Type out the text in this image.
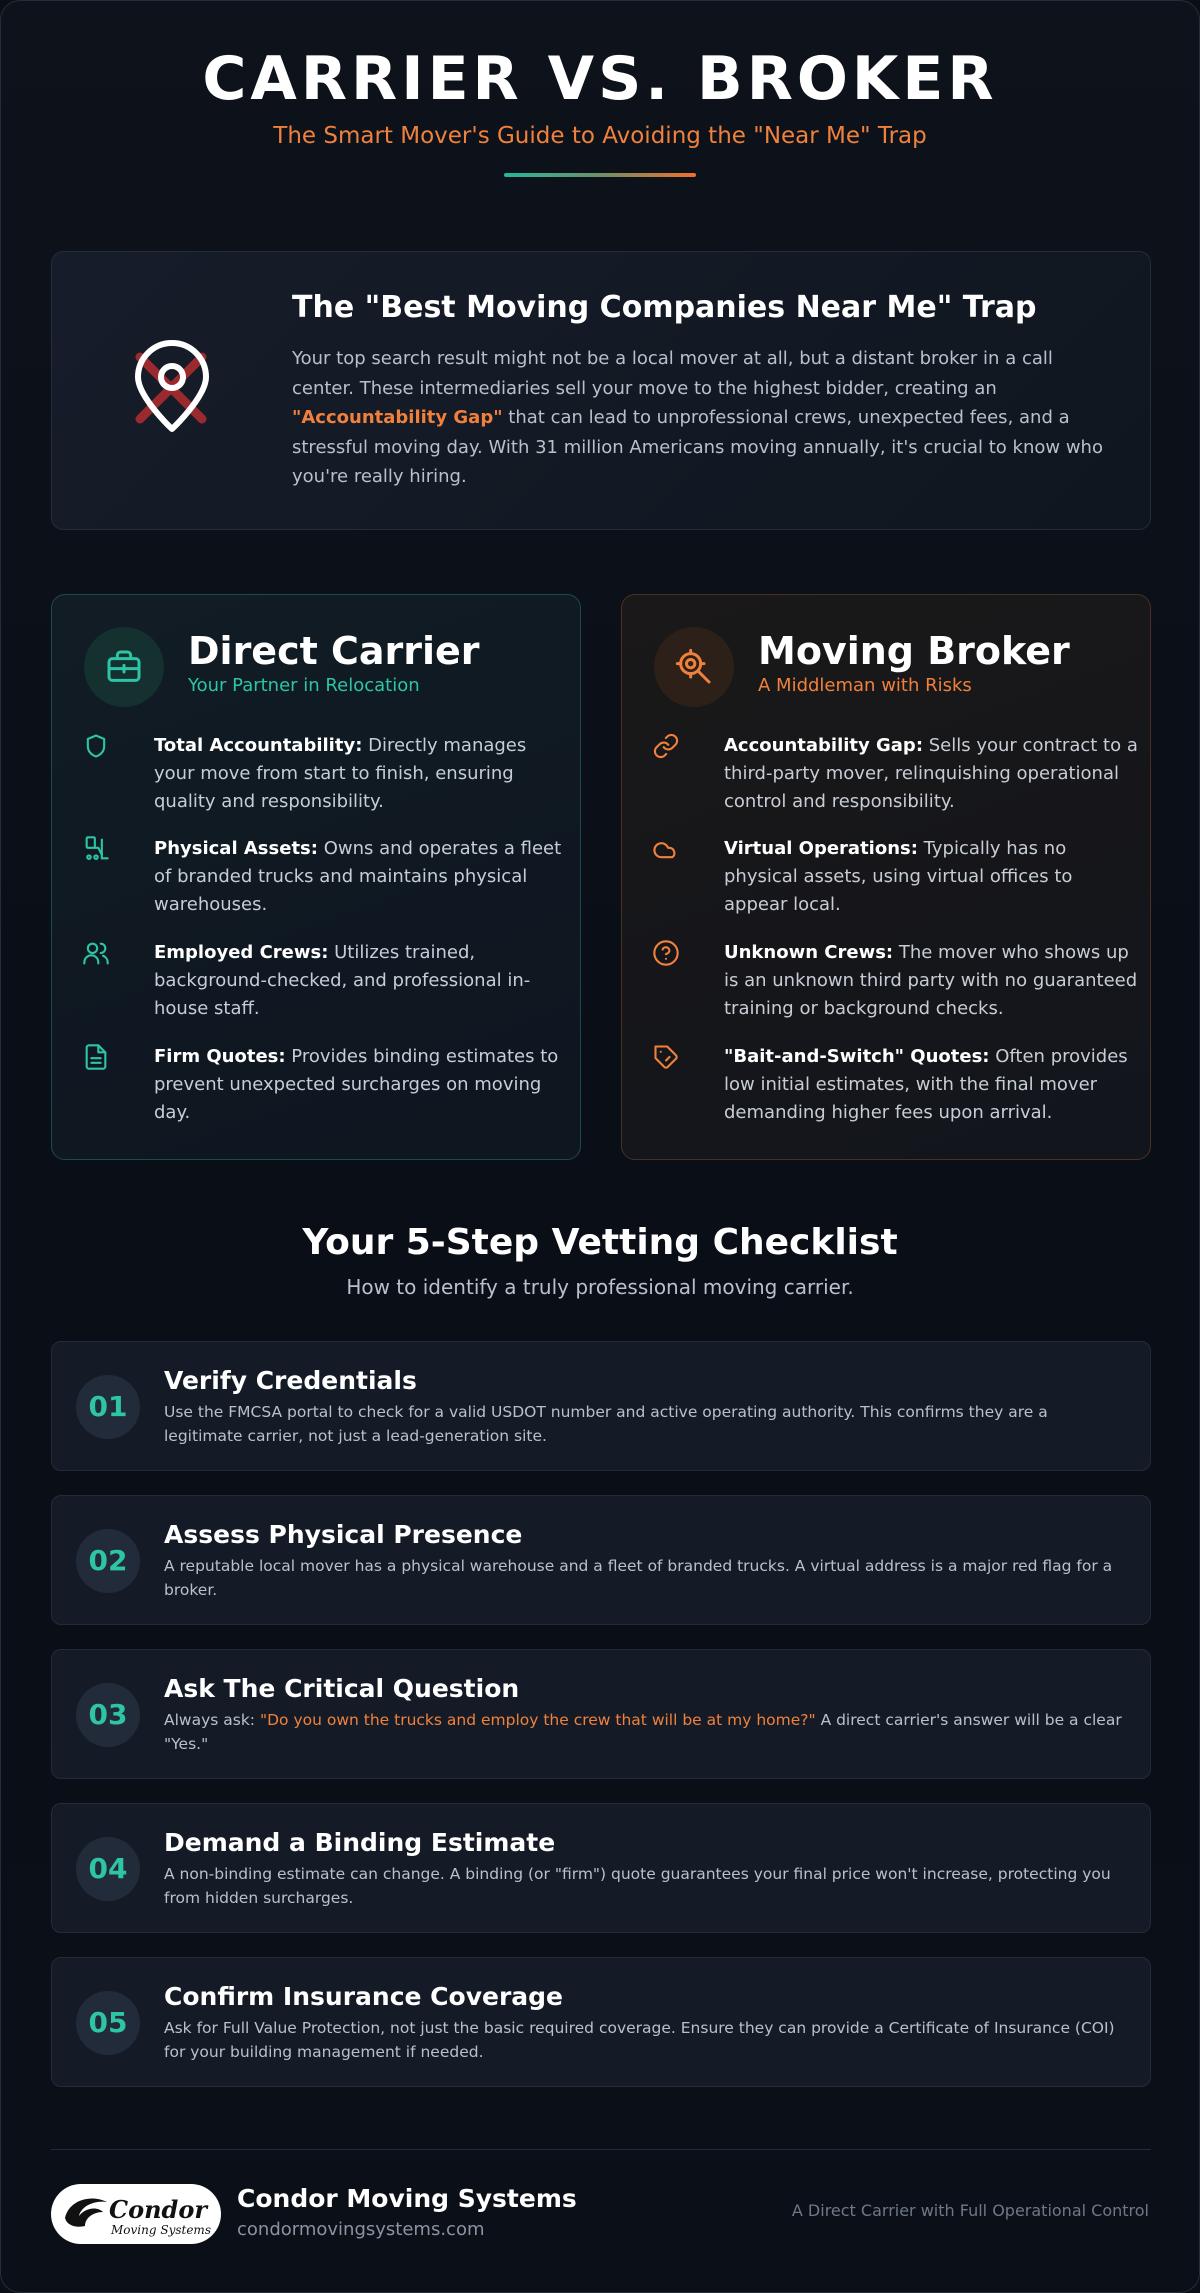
CARRIER VS. BROKER
The Smart Mover's Guide to Avoiding the "Near Me" Trap
The "Best Moving Companies Near Me" Trap

Your top search result might not be a local mover at all, but a distant broker in a call center. These intermediaries sell your move to the highest bidder, creating an "Accountability Gap" that can lead to unprofessional crews, unexpected fees, and a stressful moving day. With 31 million Americans moving annually, it's crucial to know who you're really hiring.

Direct Carrier
Your Partner in Relocation
Total Accountability: Directly manages your move from start to finish, ensuring quality and responsibility.
Physical Assets: Owns and operates a fleet of branded trucks and maintains physical warehouses.
Employed Crews: Utilizes trained, background-checked, and professional in-house staff.
Firm Quotes: Provides binding estimates to prevent unexpected surcharges on moving day.
Moving Broker
A Middleman with Risks
Accountability Gap: Sells your contract to a third-party mover, relinquishing operational control and responsibility.
Virtual Operations: Typically has no physical assets, using virtual offices to appear local.
Unknown Crews: The mover who shows up is an unknown third party with no guaranteed training or background checks.
"Bait-and-Switch" Quotes: Often provides low initial estimates, with the final mover demanding higher fees upon arrival.
Your 5-Step Vetting Checklist

How to identify a truly professional moving carrier.

01
Verify Credentials

Use the FMCSA portal to check for a valid USDOT number and active operating authority. This confirms they are a legitimate carrier, not just a lead-generation site.

02
Assess Physical Presence

A reputable local mover has a physical warehouse and a fleet of branded trucks. A virtual address is a major red flag for a broker.

03
Ask The Critical Question

Always ask: "Do you own the trucks and employ the crew that will be at my home?" A direct carrier's answer will be a clear "Yes."

04
Demand a Binding Estimate

A non-binding estimate can change. A binding (or "firm") quote guarantees your final price won't increase, protecting you from hidden surcharges.

05
Confirm Insurance Coverage

Ask for Full Value Protection, not just the basic required coverage. Ensure they can provide a Certificate of Insurance (COI) for your building management if needed.

Condor
Moving Systems
Condor Moving Systems
condormovingsystems.com
A Direct Carrier with Full Operational Control
